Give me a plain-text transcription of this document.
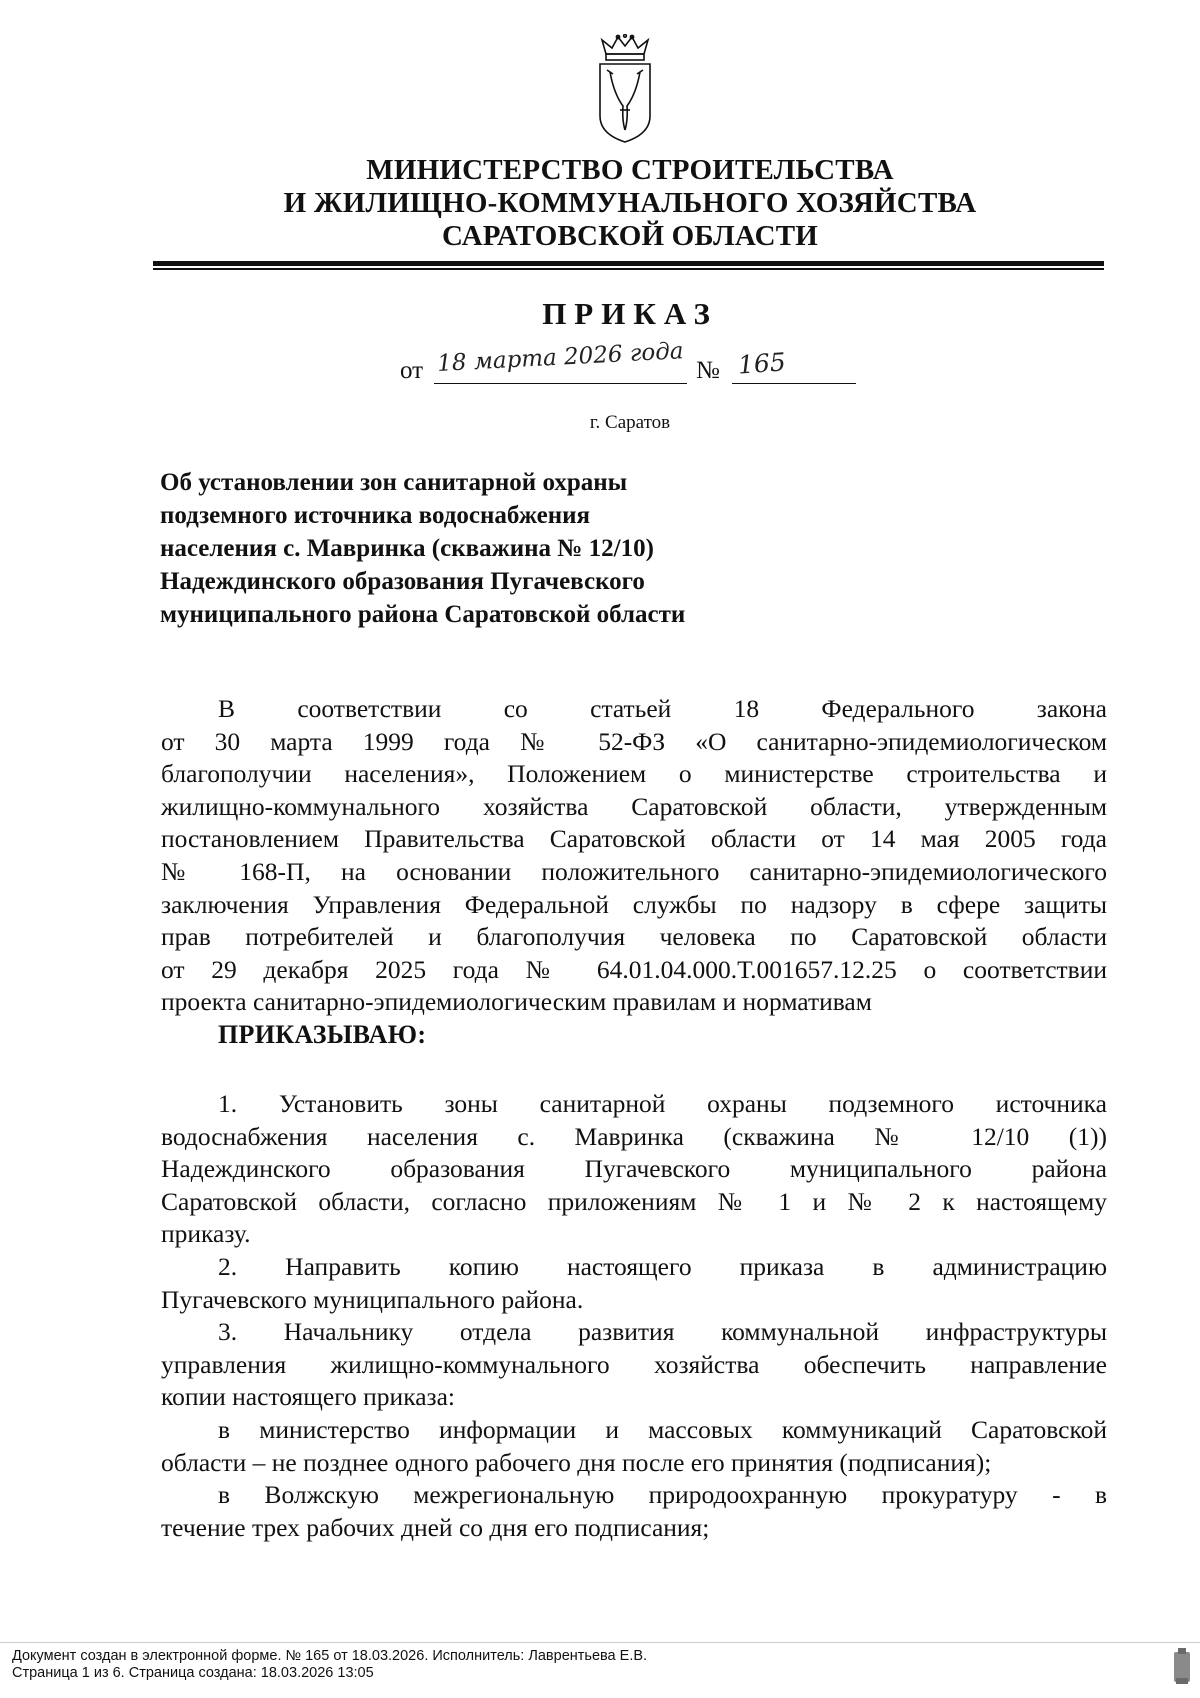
МИНИСТЕРСТВО СТРОИТЕЛЬСТВА
И ЖИЛИЩНО-КОММУНАЛЬНОГО ХОЗЯЙСТВА
САРАТОВСКОЙ ОБЛАСТИ
ПРИКАЗ
от 18 марта 2026 года № 165
г. Саратов
Об установлении зон санитарной охраны
подземного источника водоснабжения
населения с. Мавринка (скважина № 12/10)
Надеждинского образования Пугачевского
муниципального района Саратовской области
В соответствии со статьей 18 Федерального закона
от 30 марта 1999 года № 52-ФЗ «О санитарно-эпидемиологическом
благополучии населения», Положением о министерстве строительства и
жилищно-коммунального хозяйства Саратовской области, утвержденным
постановлением Правительства Саратовской области от 14 мая 2005 года
№ 168-П, на основании положительного санитарно-эпидемиологического
заключения Управления Федеральной службы по надзору в сфере защиты
прав потребителей и благополучия человека по Саратовской области
от 29 декабря 2025 года № 64.01.04.000.Т.001657.12.25 о соответствии
проекта санитарно-эпидемиологическим правилам и нормативам
ПРИКАЗЫВАЮ:
1. Установить зоны санитарной охраны подземного источника
водоснабжения населения с. Мавринка (скважина № 12/10 (1))
Надеждинского образования Пугачевского муниципального района
Саратовской области, согласно приложениям № 1 и № 2 к настоящему
приказу.
2. Направить копию настоящего приказа в администрацию
Пугачевского муниципального района.
3. Начальнику отдела развития коммунальной инфраструктуры
управления жилищно-коммунального хозяйства обеспечить направление
копии настоящего приказа:
в министерство информации и массовых коммуникаций Саратовской
области – не позднее одного рабочего дня после его принятия (подписания);
в Волжскую межрегиональную природоохранную прокуратуру - в
течение трех рабочих дней со дня его подписания;
Документ создан в электронной форме. № 165 от 18.03.2026. Исполнитель: Лаврентьева Е.В.
Страница 1 из 6. Страница создана: 18.03.2026 13:05
